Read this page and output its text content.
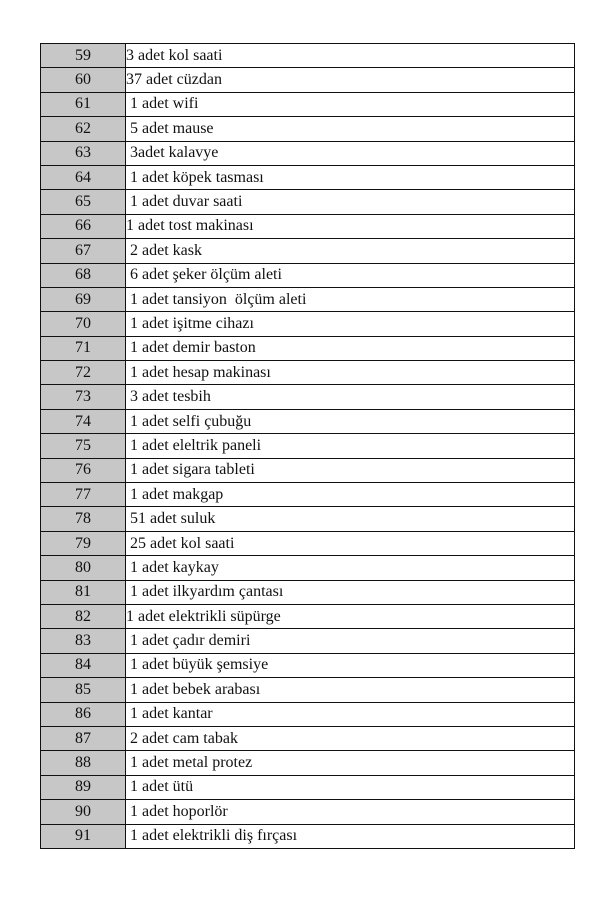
59	3 adet kol saati
60	37 adet cüzdan
61	1 adet wifi
62	5 adet mause
63	3adet kalavye
64	1 adet köpek tasması
65	1 adet duvar saati
66	1 adet tost makinası
67	2 adet kask
68	6 adet şeker ölçüm aleti
69	1 adet tansiyon  ölçüm aleti
70	1 adet işitme cihazı
71	1 adet demir baston
72	1 adet hesap makinası
73	3 adet tesbih
74	1 adet selfi çubuğu
75	1 adet eleltrik paneli
76	1 adet sigara tableti
77	1 adet makgap
78	51 adet suluk
79	25 adet kol saati
80	1 adet kaykay
81	1 adet ilkyardım çantası
82	1 adet elektrikli süpürge
83	1 adet çadır demiri
84	1 adet büyük şemsiye
85	1 adet bebek arabası
86	1 adet kantar
87	2 adet cam tabak
88	1 adet metal protez
89	1 adet ütü
90	1 adet hoporlör
91	1 adet elektrikli diş fırçası
